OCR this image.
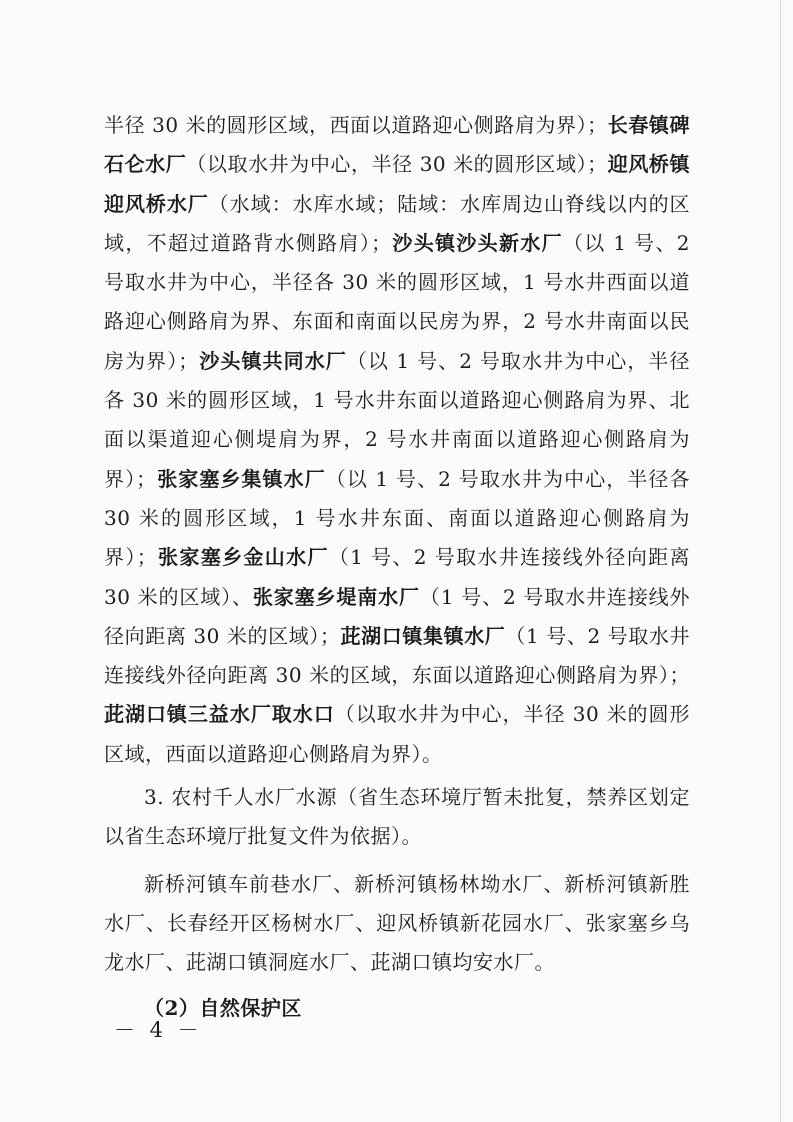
半径 30 米的圆形区域，西面以道路迎心侧路肩为界）；长春镇碑石仑水厂（以取水井为中心，半径 30 米的圆形区域）；迎风桥镇迎风桥水厂（水域：水库水域；陆域：水库周边山脊线以内的区域，不超过道路背水侧路肩）；沙头镇沙头新水厂（以 1 号、2 号取水井为中心，半径各 30 米的圆形区域，1 号水井西面以道路迎心侧路肩为界、东面和南面以民房为界，2 号水井南面以民房为界）；沙头镇共同水厂（以 1 号、2 号取水井为中心，半径各 30 米的圆形区域，1 号水井东面以道路迎心侧路肩为界、北面以渠道迎心侧堤肩为界，2 号水井南面以道路迎心侧路肩为界）；张家塞乡集镇水厂（以 1 号、2 号取水井为中心，半径各 30 米的圆形区域，1 号水井东面、南面以道路迎心侧路肩为界）；张家塞乡金山水厂（1 号、2 号取水井连接线外径向距离 30 米的区域）、张家塞乡堤南水厂（1 号、2 号取水井连接线外径向距离 30 米的区域）；茈湖口镇集镇水厂（1 号、2 号取水井连接线外径向距离 30 米的区域，东面以道路迎心侧路肩为界）；茈湖口镇三益水厂取水口（以取水井为中心，半径 30 米的圆形区域，西面以道路迎心侧路肩为界）。

3. 农村千人水厂水源（省生态环境厅暂未批复，禁养区划定以省生态环境厅批复文件为依据）。

新桥河镇车前巷水厂、新桥河镇杨林坳水厂、新桥河镇新胜水厂、长春经开区杨树水厂、迎风桥镇新花园水厂、张家塞乡乌龙水厂、茈湖口镇洞庭水厂、茈湖口镇均安水厂。

（2）自然保护区

－ 4 －
